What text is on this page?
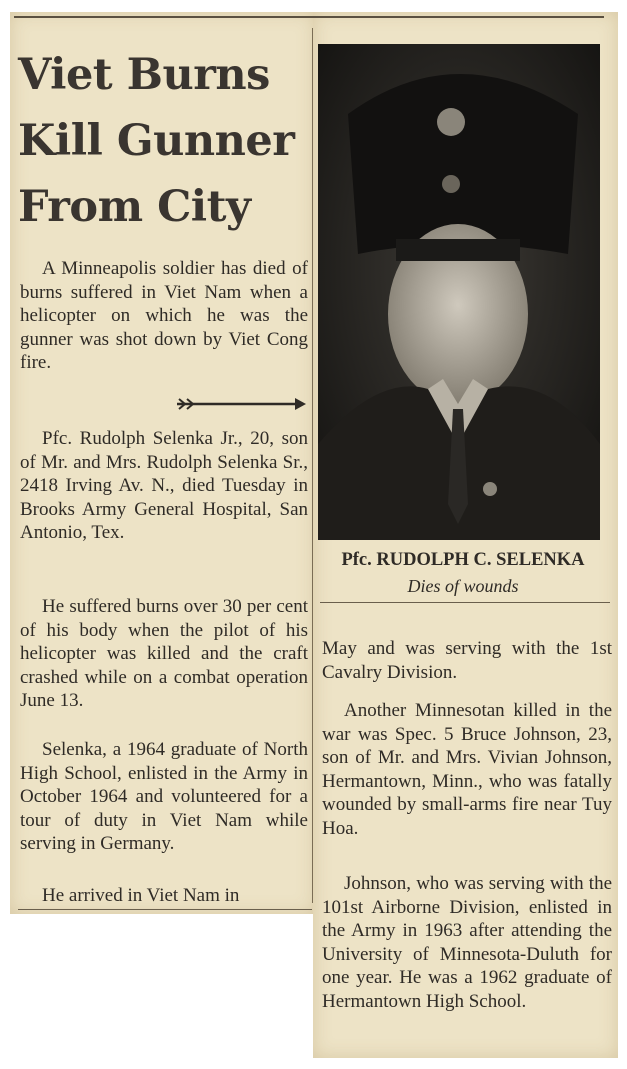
Viet Burns Kill Gunner From City

A Minneapolis soldier has died of burns suffered in Viet Nam when a helicopter on which he was the gunner was shot down by Viet Cong fire.

Pfc. Rudolph Selenka Jr., 20, son of Mr. and Mrs. Rudolph Selenka Sr., 2418 Irving Av. N., died Tuesday in Brooks Army General Hospital, San Antonio, Tex.

He suffered burns over 30 per cent of his body when the pilot of his helicopter was killed and the craft crashed while on a combat operation June 13.

Selenka, a 1964 graduate of North High School, enlisted in the Army in October 1964 and volunteered for a tour of duty in Viet Nam while serving in Germany.

He arrived in Viet Nam in

Pfc. RUDOLPH C. SELENKA

Dies of wounds

May and was serving with the 1st Cavalry Division.

Another Minnesotan killed in the war was Spec. 5 Bruce Johnson, 23, son of Mr. and Mrs. Vivian Johnson, Hermantown, Minn., who was fatally wounded by small-arms fire near Tuy Hoa.

Johnson, who was serving with the 101st Airborne Division, enlisted in the Army in 1963 after attending the University of Minnesota-Duluth for one year. He was a 1962 graduate of Hermantown High School.
